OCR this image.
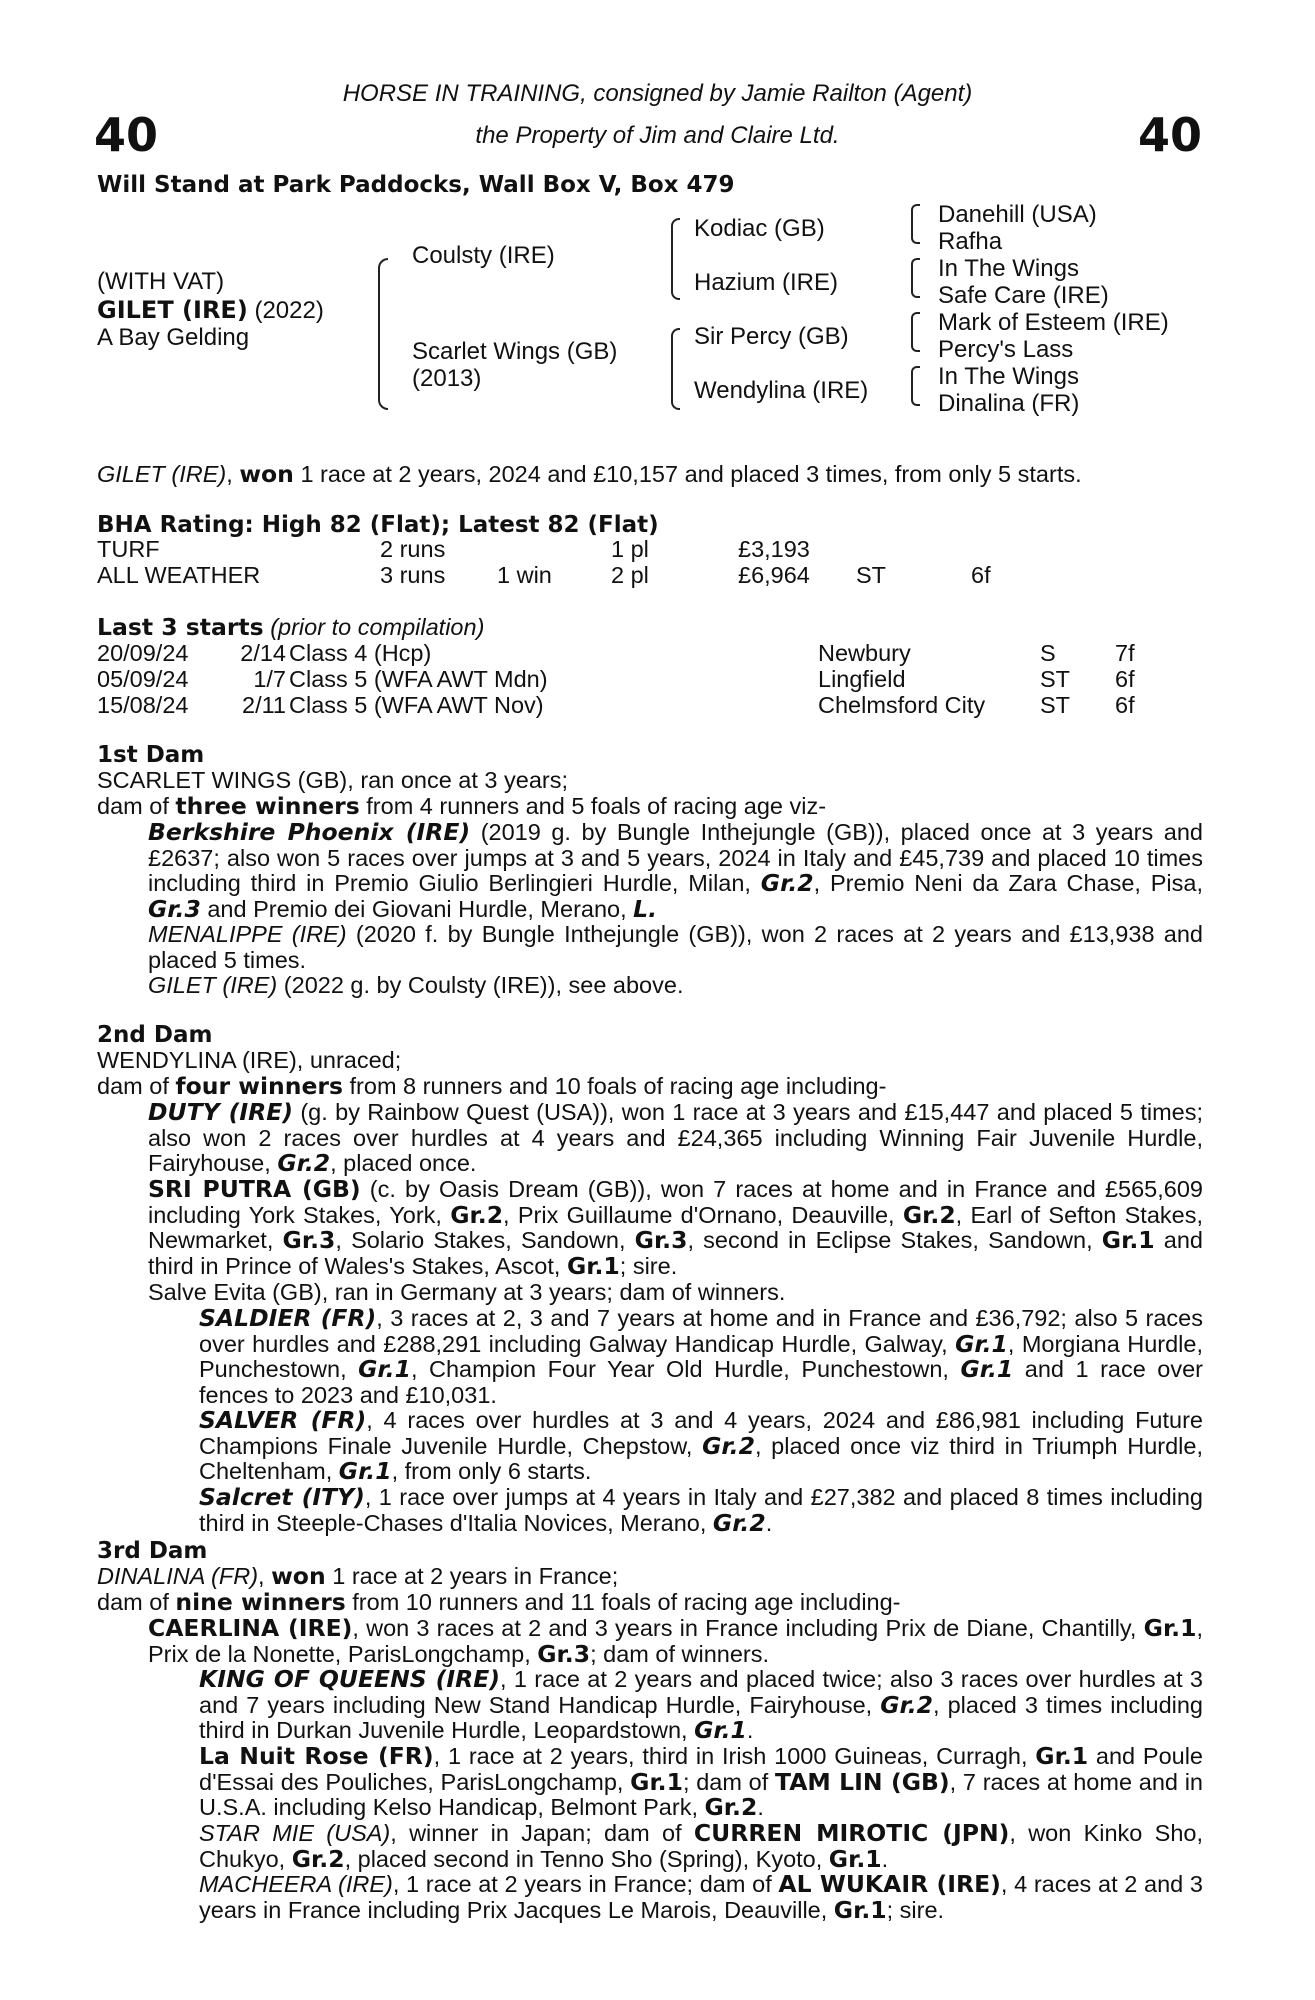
40	40
HORSE IN TRAINING, consigned by Jamie Railton (Agent)
the Property of Jim and Claire Ltd.
Will Stand at Park Paddocks, Wall Box V, Box 479
(WITH VAT)
GILET (IRE) (2022)
A Bay Gelding
Coulsty (IRE)
Scarlet Wings (GB)
(2013)
Kodiac (GB)
Hazium (IRE)
Sir Percy (GB)
Wendylina (IRE)
Danehill (USA)
Rafha
In The Wings
Safe Care (IRE)
Mark of Esteem (IRE)
Percy's Lass
In The Wings
Dinalina (FR)
GILET (IRE), won 1 race at 2 years, 2024 and £10,157 and placed 3 times, from only 5 starts.
BHA Rating: High 82 (Flat); Latest 82 (Flat)
TURF	2 runs	1 pl	£3,193
ALL WEATHER	3 runs 1 win	2 pl	£6,964 ST	6f
Last 3 starts (prior to compilation)
20/09/24	2/14 Class 4 (Hcp)	Newbury	S	7f
05/09/24	1/7 Class 5 (WFA AWT Mdn)	Lingfield	ST 6f
15/08/24	2/11 Class 5 (WFA AWT Nov)	Chelmsford City ST 6f
1st Dam
SCARLET WINGS (GB), ran once at 3 years;
dam of three winners from 4 runners and 5 foals of racing age viz-
Berkshire Phoenix (IRE) (2019 g. by Bungle Inthejungle (GB)), placed once at 3 years and £2637; also won 5 races over jumps at 3 and 5 years, 2024 in Italy and £45,739 and placed 10 times including third in Premio Giulio Berlingieri Hurdle, Milan, Gr.2, Premio Neni da Zara Chase, Pisa, Gr.3 and Premio dei Giovani Hurdle, Merano, L.
MENALIPPE (IRE) (2020 f. by Bungle Inthejungle (GB)), won 2 races at 2 years and £13,938 and placed 5 times.
GILET (IRE) (2022 g. by Coulsty (IRE)), see above.
2nd Dam
WENDYLINA (IRE), unraced;
dam of four winners from 8 runners and 10 foals of racing age including-
DUTY (IRE) (g. by Rainbow Quest (USA)), won 1 race at 3 years and £15,447 and placed 5 times; also won 2 races over hurdles at 4 years and £24,365 including Winning Fair Juvenile Hurdle, Fairyhouse, Gr.2, placed once.
SRI PUTRA (GB) (c. by Oasis Dream (GB)), won 7 races at home and in France and £565,609 including York Stakes, York, Gr.2, Prix Guillaume d'Ornano, Deauville, Gr.2, Earl of Sefton Stakes, Newmarket, Gr.3, Solario Stakes, Sandown, Gr.3, second in Eclipse Stakes, Sandown, Gr.1 and third in Prince of Wales's Stakes, Ascot, Gr.1; sire.
Salve Evita (GB), ran in Germany at 3 years; dam of winners.
SALDIER (FR), 3 races at 2, 3 and 7 years at home and in France and £36,792; also 5 races over hurdles and £288,291 including Galway Handicap Hurdle, Galway, Gr.1, Morgiana Hurdle, Punchestown, Gr.1, Champion Four Year Old Hurdle, Punchestown, Gr.1 and 1 race over fences to 2023 and £10,031.
SALVER (FR), 4 races over hurdles at 3 and 4 years, 2024 and £86,981 including Future Champions Finale Juvenile Hurdle, Chepstow, Gr.2, placed once viz third in Triumph Hurdle, Cheltenham, Gr.1, from only 6 starts.
Salcret (ITY), 1 race over jumps at 4 years in Italy and £27,382 and placed 8 times including third in Steeple-Chases d'Italia Novices, Merano, Gr.2.
3rd Dam
DINALINA (FR), won 1 race at 2 years in France;
dam of nine winners from 10 runners and 11 foals of racing age including-
CAERLINA (IRE), won 3 races at 2 and 3 years in France including Prix de Diane, Chantilly, Gr.1, Prix de la Nonette, ParisLongchamp, Gr.3; dam of winners.
KING OF QUEENS (IRE), 1 race at 2 years and placed twice; also 3 races over hurdles at 3 and 7 years including New Stand Handicap Hurdle, Fairyhouse, Gr.2, placed 3 times including third in Durkan Juvenile Hurdle, Leopardstown, Gr.1.
La Nuit Rose (FR), 1 race at 2 years, third in Irish 1000 Guineas, Curragh, Gr.1 and Poule d'Essai des Pouliches, ParisLongchamp, Gr.1; dam of TAM LIN (GB), 7 races at home and in U.S.A. including Kelso Handicap, Belmont Park, Gr.2.
STAR MIE (USA), winner in Japan; dam of CURREN MIROTIC (JPN), won Kinko Sho, Chukyo, Gr.2, placed second in Tenno Sho (Spring), Kyoto, Gr.1.
MACHEERA (IRE), 1 race at 2 years in France; dam of AL WUKAIR (IRE), 4 races at 2 and 3 years in France including Prix Jacques Le Marois, Deauville, Gr.1; sire.
